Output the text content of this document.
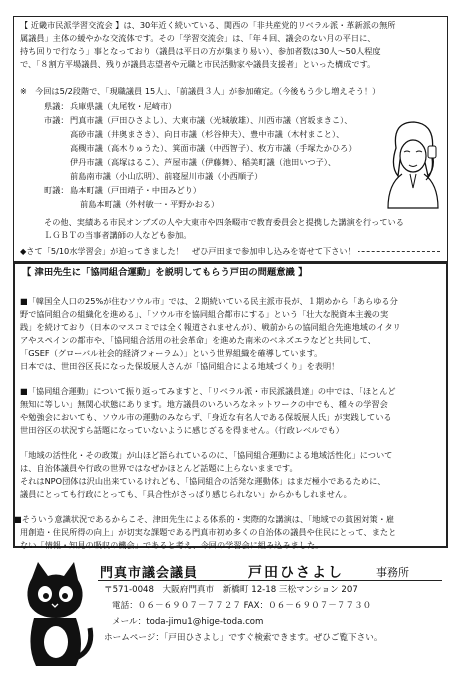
【 近畿市民派学習交流会 】は、30年近く続いている、関西の「非共産党的リベラル派・革新派の無所
属議員」主体の緩やかな交流体です。その「学習交流会」は、「年４回、議会のない月の平日に、
持ち回りで行なう」事となっており（議員は平日の方が集まり易い）、参加者数は30人～50人程度
で、「８割方平場議員、残りが議員志望者や元職と市民活動家や議員支援者」といった構成です。
※　今回は5/2段階で、「現職議員 15人」、「前議員３人」が参加確定。（今後もう少し増えそう！）
県議： 兵庫県議（丸尾牧・尼崎市）
市議： 門真市議（戸田ひさよし）、大東市議（光城敏雄）、川西市議（宮坂まきこ）、
高砂市議（井奥まさき）、向日市議（杉谷伸夫）、豊中市議（木村まこと）、
高槻市議（高木りゅうた）、箕面市議（中西智子）、枚方市議（手塚たかひろ）
伊丹市議（高塚はるこ）、芦屋市議（伊藤舞）、稲美町議（池田いつ子）、
前島南市議（小山広明）、前寝屋川市議（小西順子）
町議： 島本町議（戸田靖子・中田みどり）
前島本町議（外村敏一・平野かおる）
その他、実績ある市民オンブズの人や大東市や四条畷市で教育委員会と提携した講演を行っている
ＬＧＢＴの当事者講師の人なども参加。
◆さて「5/10水学習会」が迫ってきました！　ぜひ戸田まで参加申し込みを寄せて下さい！
【 津田先生に「協同組合運動」を説明してもらう戸田の問題意識 】
■「韓国全人口の25%が住むソウル市」では、２期続いている民主派市長が、１期めから「あらゆる分
野で協同組合の組織化を進める」、「ソウル市を協同組合都市にする」という「壮大な脱資本主義の実
践」を続けており（日本のマスコミでは全く報道されませんが）、戦前からの協同組合先進地域のイタリ
アやスペインの都市や、「協同組合活用の社会革命」を進めた南米のベネズエラなどと共同して、
「GSEF（グローバル社会的経済フォーラム）」という世界組織を確導しています。
日本では、世田谷区長になった保坂展人さんが「協同組合による地域づくり」を表明！
■「協同組合運動」について振り返ってみますと、「リベラル派・市民派議員達」の中では、「ほとんど
無知に等しい」無関心状態にあります。地方議員のいろいろなネットワークの中でも、種々の学習会
や勉強会においても、ソウル市の運動のみならず、「身近な有名人である保坂展人氏」が実践している
世田谷区の状況すら話題になっていないように感じざるを得ません。（行政レベルでも）
「地域の活性化・その政策」が山ほど語られているのに、「協同組合運動による地域活性化」について
は、自治体議員や行政の世界ではなぜかほとんど話題に上らないままです。
それはNPO団体は沢山出来ているけれども、「協同組合の活発な運動体」はまだ極小であるために、
議員にとっても行政にとっても、「具合性がさっぱり感じられない」からかもしれません。
■そういう意識状況であるからこそ、津田先生による体系的・実際的な講演は、「地域での貧困対策・雇
用創造・住民所得の向上」が切実な課題である門真市初め多くの自治体の議員や住民にとって、またと
ない「情報・知見の吸収の機会」であると考え、今回の学習会に組み込みました。
門真市議会議員	戸田ひさよし	事務所
〒571-0048　大阪府門真市　新橋町 12-18 三松マンション 207
電話：０６－６９０７－７７２７ FAX：０６－６９０７－７７３０
メール：toda-jimu1@hige-toda.com
ホームページ：「戸田ひさよし」ですぐ検索できます。ぜひご覧下さい。
